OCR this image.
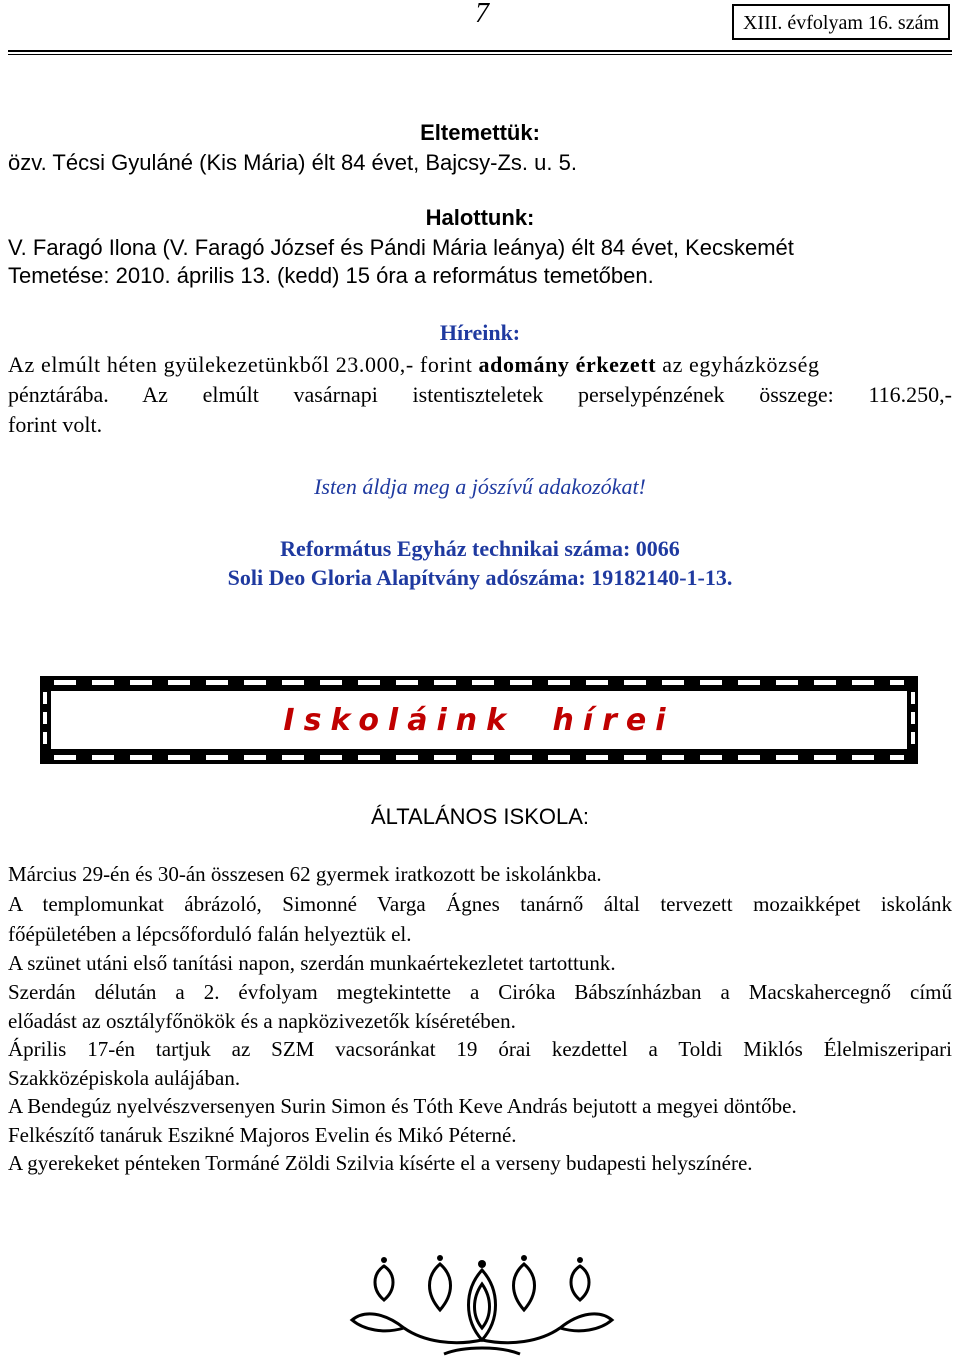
7	XIII. évfolyam 16. szám
Eltemettük:
özv. Técsi Gyuláné (Kis Mária) élt 84 évet, Bajcsy-Zs. u. 5.
Halottunk:
V. Faragó Ilona (V. Faragó József és Pándi Mária leánya) élt 84 évet, Kecskemét
Temetése: 2010. április 13. (kedd) 15 óra a református temetőben.
Híreink:
Az elmúlt héten gyülekezetünkből 23.000,- forint adomány érkezett az egyházközség
pénztárába. Az elmúlt vasárnapi istentiszteletek perselypénzének összege: 116.250,-
forint volt.
Isten áldja meg a jószívű adakozókat!
Református Egyház technikai száma: 0066
Soli Deo Gloria Alapítvány adószáma: 19182140-1-13.
Iskoláink hírei
ÁLTALÁNOS ISKOLA:
Március 29-én és 30-án összesen 62 gyermek iratkozott be iskolánkba.
A templomunkat ábrázoló, Simonné Varga Ágnes tanárnő által tervezett mozaikképet iskolánk
főépületében a lépcsőforduló falán helyeztük el.
A szünet utáni első tanítási napon, szerdán munkaértekezletet tartottunk.
Szerdán délután a 2. évfolyam megtekintette a Ciróka Bábszínházban a Macskahercegnő című
előadást az osztályfőnökök és a napközivezetők kíséretében.
Április 17-én tartjuk az SZM vacsoránkat 19 órai kezdettel a Toldi Miklós Élelmiszeripari
Szakközépiskola aulájában.
A Bendegúz nyelvészversenyen Surin Simon és Tóth Keve András bejutott a megyei döntőbe.
Felkészítő tanáruk Eszikné Majoros Evelin és Mikó Péterné.
A gyerekeket pénteken Tormáné Zöldi Szilvia kísérte el a verseny budapesti helyszínére.
